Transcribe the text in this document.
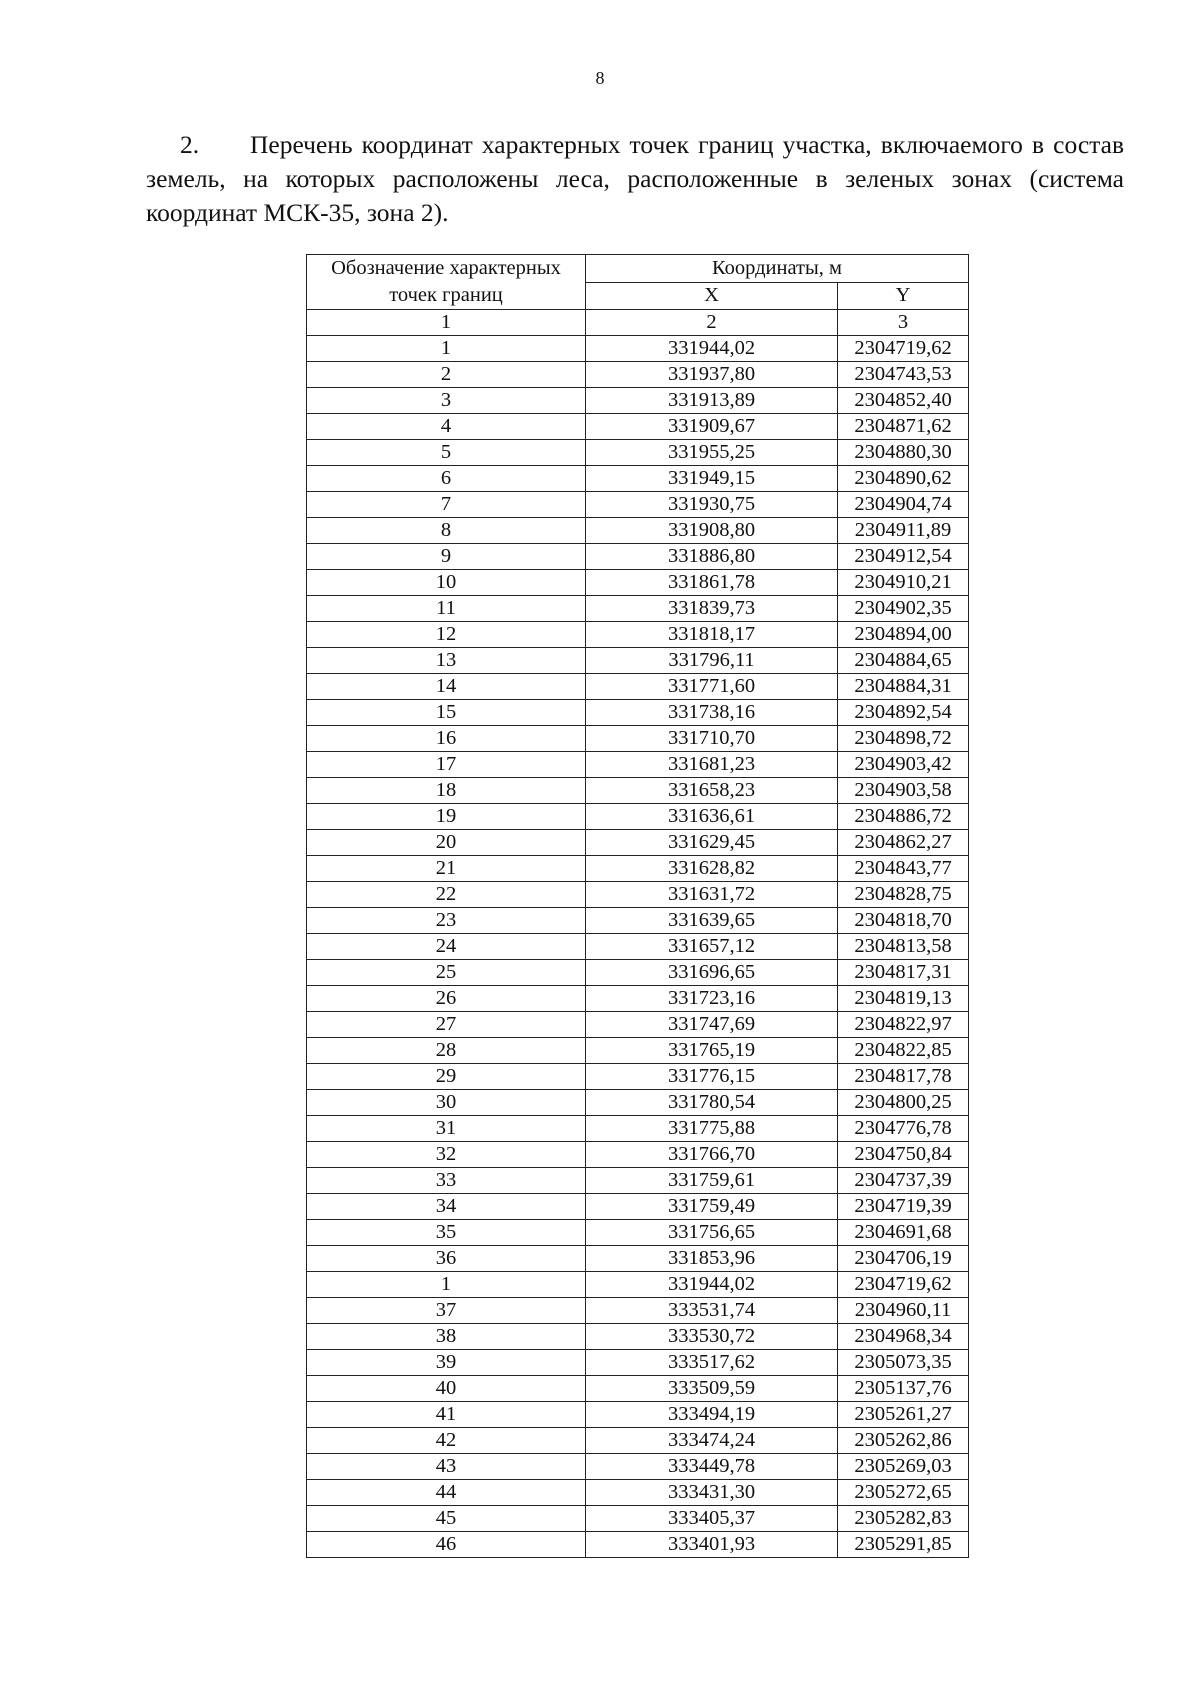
8
2. Перечень координат характерных точек границ участка, включаемого в состав земель, на которых расположены леса, расположенные в зеленых зонах (система координат МСК-35, зона 2).
Обозначение характерных точек границ	Координаты, м	
	X	Y
1	2	3
1	331944,02	2304719,62
2	331937,80	2304743,53
3	331913,89	2304852,40
4	331909,67	2304871,62
5	331955,25	2304880,30
6	331949,15	2304890,62
7	331930,75	2304904,74
8	331908,80	2304911,89
9	331886,80	2304912,54
10	331861,78	2304910,21
11	331839,73	2304902,35
12	331818,17	2304894,00
13	331796,11	2304884,65
14	331771,60	2304884,31
15	331738,16	2304892,54
16	331710,70	2304898,72
17	331681,23	2304903,42
18	331658,23	2304903,58
19	331636,61	2304886,72
20	331629,45	2304862,27
21	331628,82	2304843,77
22	331631,72	2304828,75
23	331639,65	2304818,70
24	331657,12	2304813,58
25	331696,65	2304817,31
26	331723,16	2304819,13
27	331747,69	2304822,97
28	331765,19	2304822,85
29	331776,15	2304817,78
30	331780,54	2304800,25
31	331775,88	2304776,78
32	331766,70	2304750,84
33	331759,61	2304737,39
34	331759,49	2304719,39
35	331756,65	2304691,68
36	331853,96	2304706,19
1	331944,02	2304719,62
37	333531,74	2304960,11
38	333530,72	2304968,34
39	333517,62	2305073,35
40	333509,59	2305137,76
41	333494,19	2305261,27
42	333474,24	2305262,86
43	333449,78	2305269,03
44	333431,30	2305272,65
45	333405,37	2305282,83
46	333401,93	2305291,85
